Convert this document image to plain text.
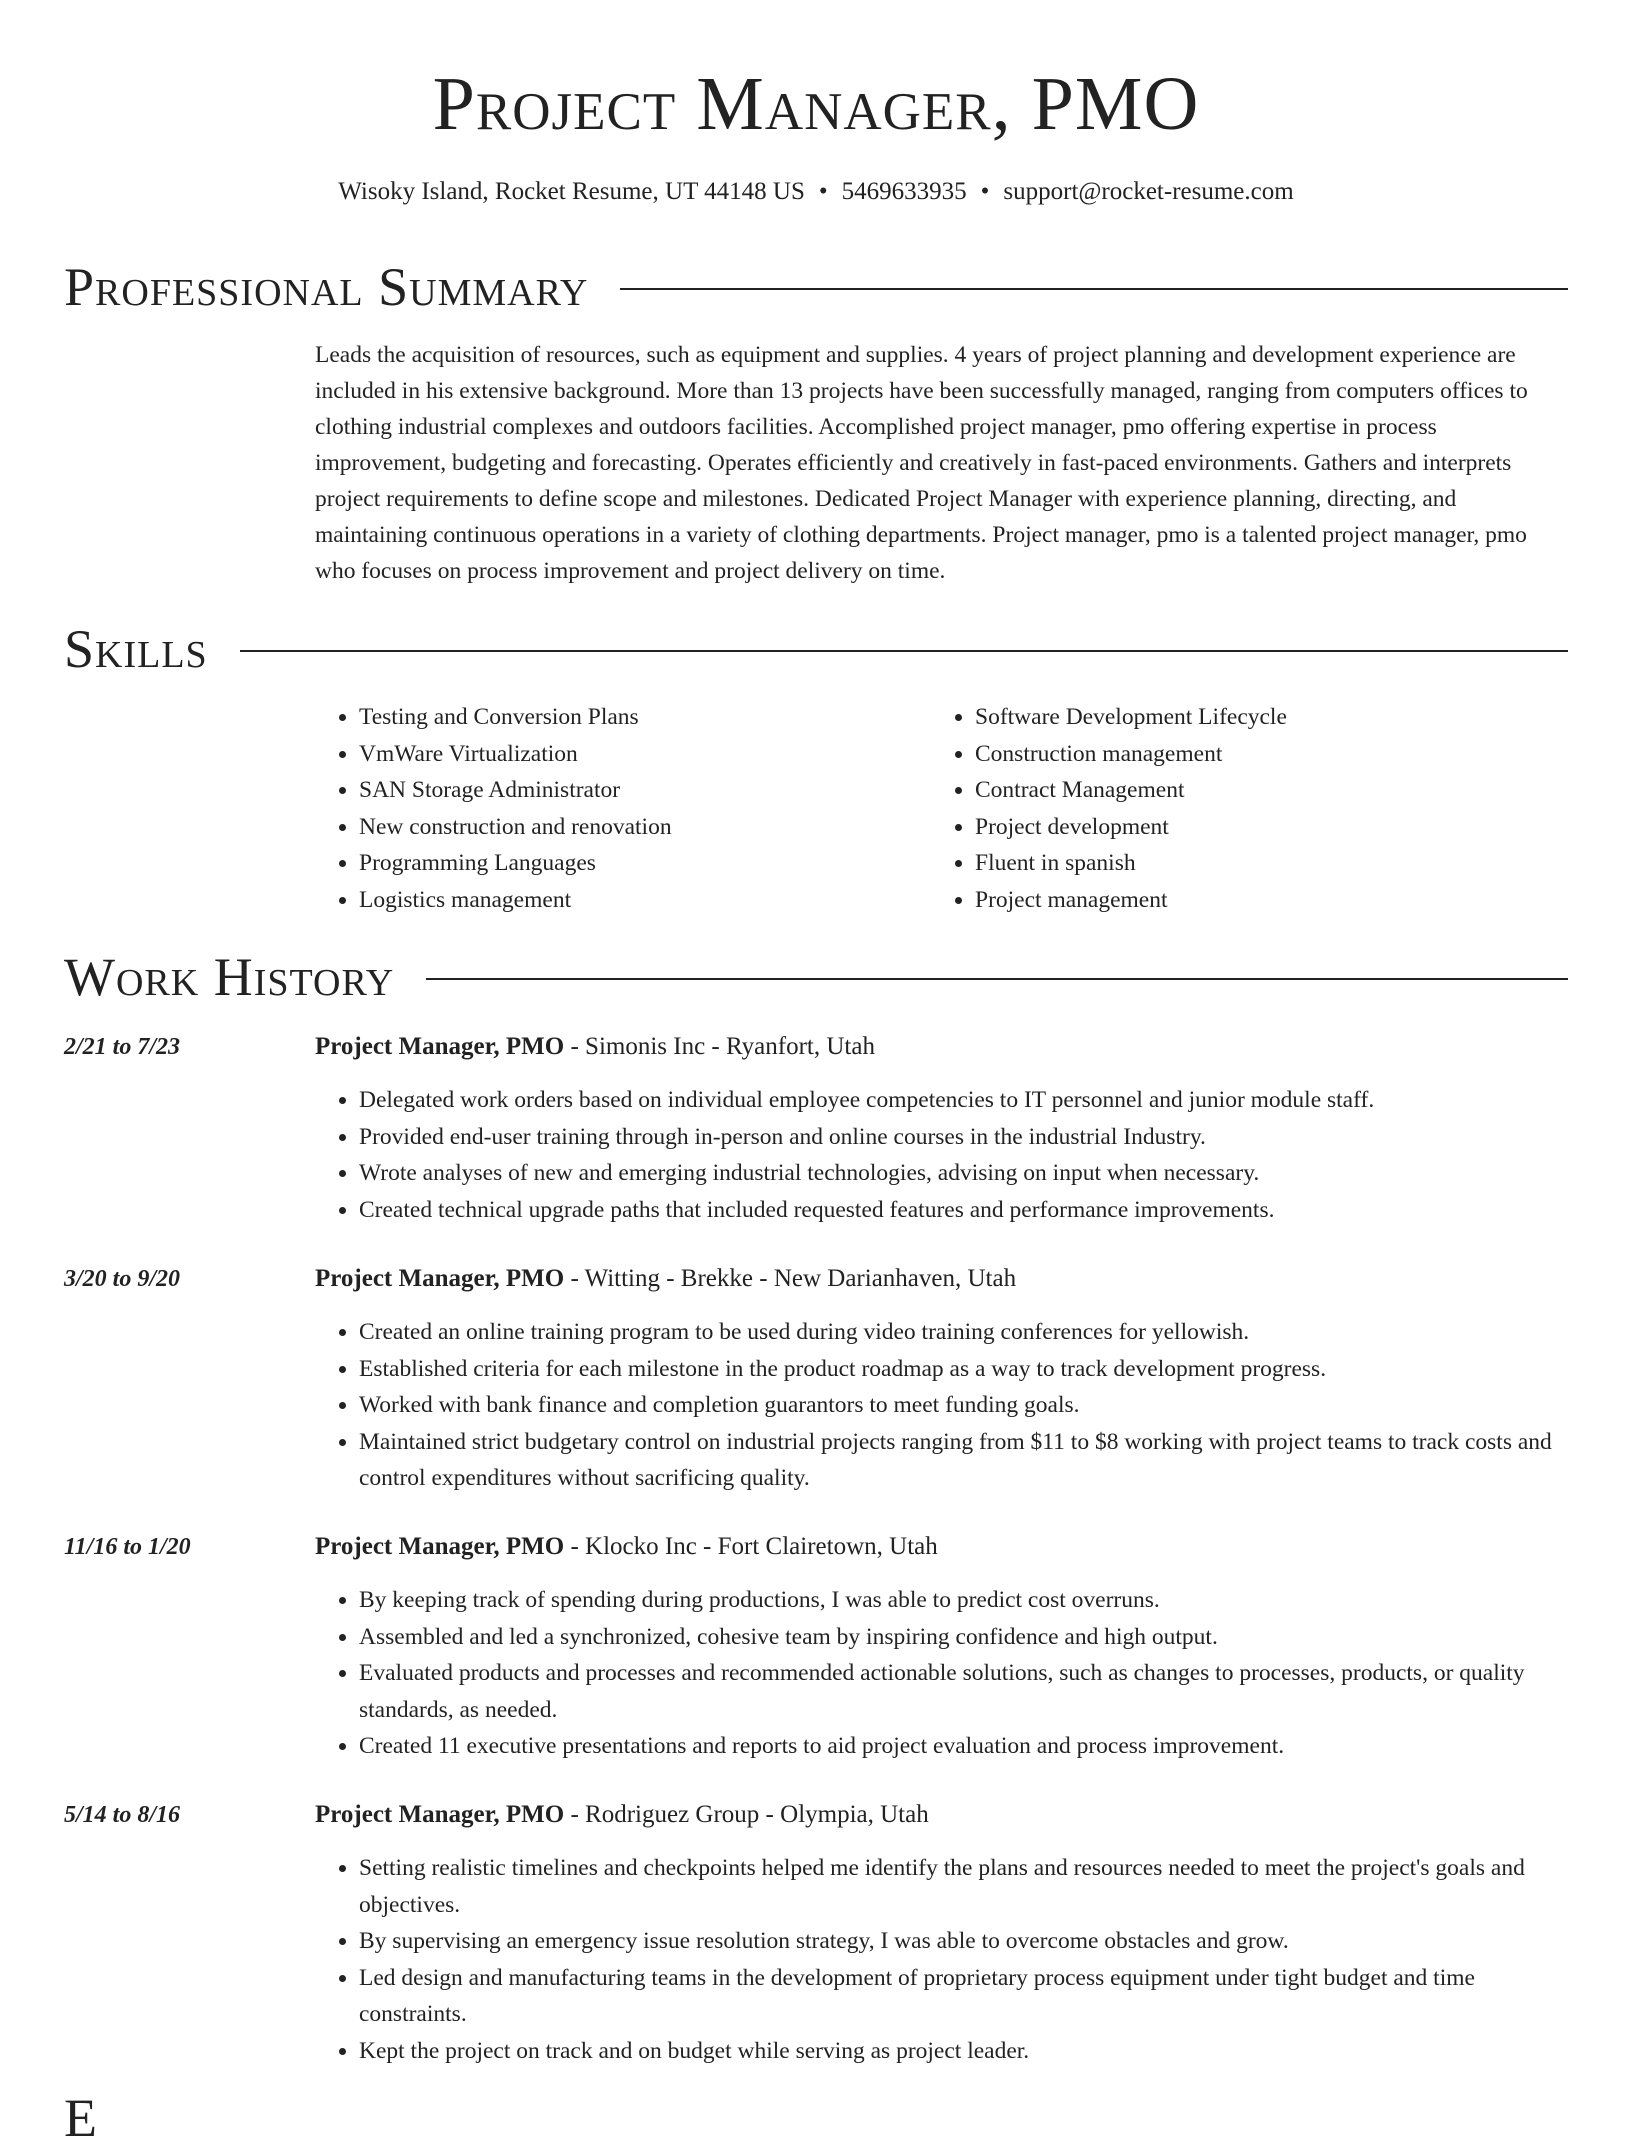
Project Manager, PMO
Wisoky Island, Rocket Resume, UT 44148 US • 5469633935 • support@rocket-resume.com
Professional Summary

Leads the acquisition of resources, such as equipment and supplies. 4 years of project planning and development experience are included in his extensive background. More than 13 projects have been successfully managed, ranging from computers offices to clothing industrial complexes and outdoors facilities. Accomplished project manager, pmo offering expertise in process improvement, budgeting and forecasting. Operates efficiently and creatively in fast-paced environments. Gathers and interprets project requirements to define scope and milestones. Dedicated Project Manager with experience planning, directing, and maintaining continuous operations in a variety of clothing departments. Project manager, pmo is a talented project manager, pmo who focuses on process improvement and project delivery on time.

Skills
• Testing and Conversion Plans
• VmWare Virtualization
• SAN Storage Administrator
• New construction and renovation
• Programming Languages
• Logistics management
• Software Development Lifecycle
• Construction management
• Contract Management
• Project development
• Fluent in spanish
• Project management
Work History
2/21 to 7/23	Project Manager, PMO - Simonis Inc - Ryanfort, Utah
• Delegated work orders based on individual employee competencies to IT personnel and junior module staff.
• Provided end-user training through in-person and online courses in the industrial Industry.
• Wrote analyses of new and emerging industrial technologies, advising on input when necessary.
• Created technical upgrade paths that included requested features and performance improvements.
3/20 to 9/20	Project Manager, PMO - Witting - Brekke - New Darianhaven, Utah
• Created an online training program to be used during video training conferences for yellowish.
• Established criteria for each milestone in the product roadmap as a way to track development progress.
• Worked with bank finance and completion guarantors to meet funding goals.
• Maintained strict budgetary control on industrial projects ranging from $11 to $8 working with project teams to track costs and control expenditures without sacrificing quality.
11/16 to 1/20	Project Manager, PMO - Klocko Inc - Fort Clairetown, Utah
• By keeping track of spending during productions, I was able to predict cost overruns.
• Assembled and led a synchronized, cohesive team by inspiring confidence and high output.
• Evaluated products and processes and recommended actionable solutions, such as changes to processes, products, or quality standards, as needed.
• Created 11 executive presentations and reports to aid project evaluation and process improvement.
5/14 to 8/16	Project Manager, PMO - Rodriguez Group - Olympia, Utah
• Setting realistic timelines and checkpoints helped me identify the plans and resources needed to meet the project's goals and objectives.
• By supervising an emergency issue resolution strategy, I was able to overcome obstacles and grow.
• Led design and manufacturing teams in the development of proprietary process equipment under tight budget and time constraints.
• Kept the project on track and on budget while serving as project leader.
E
